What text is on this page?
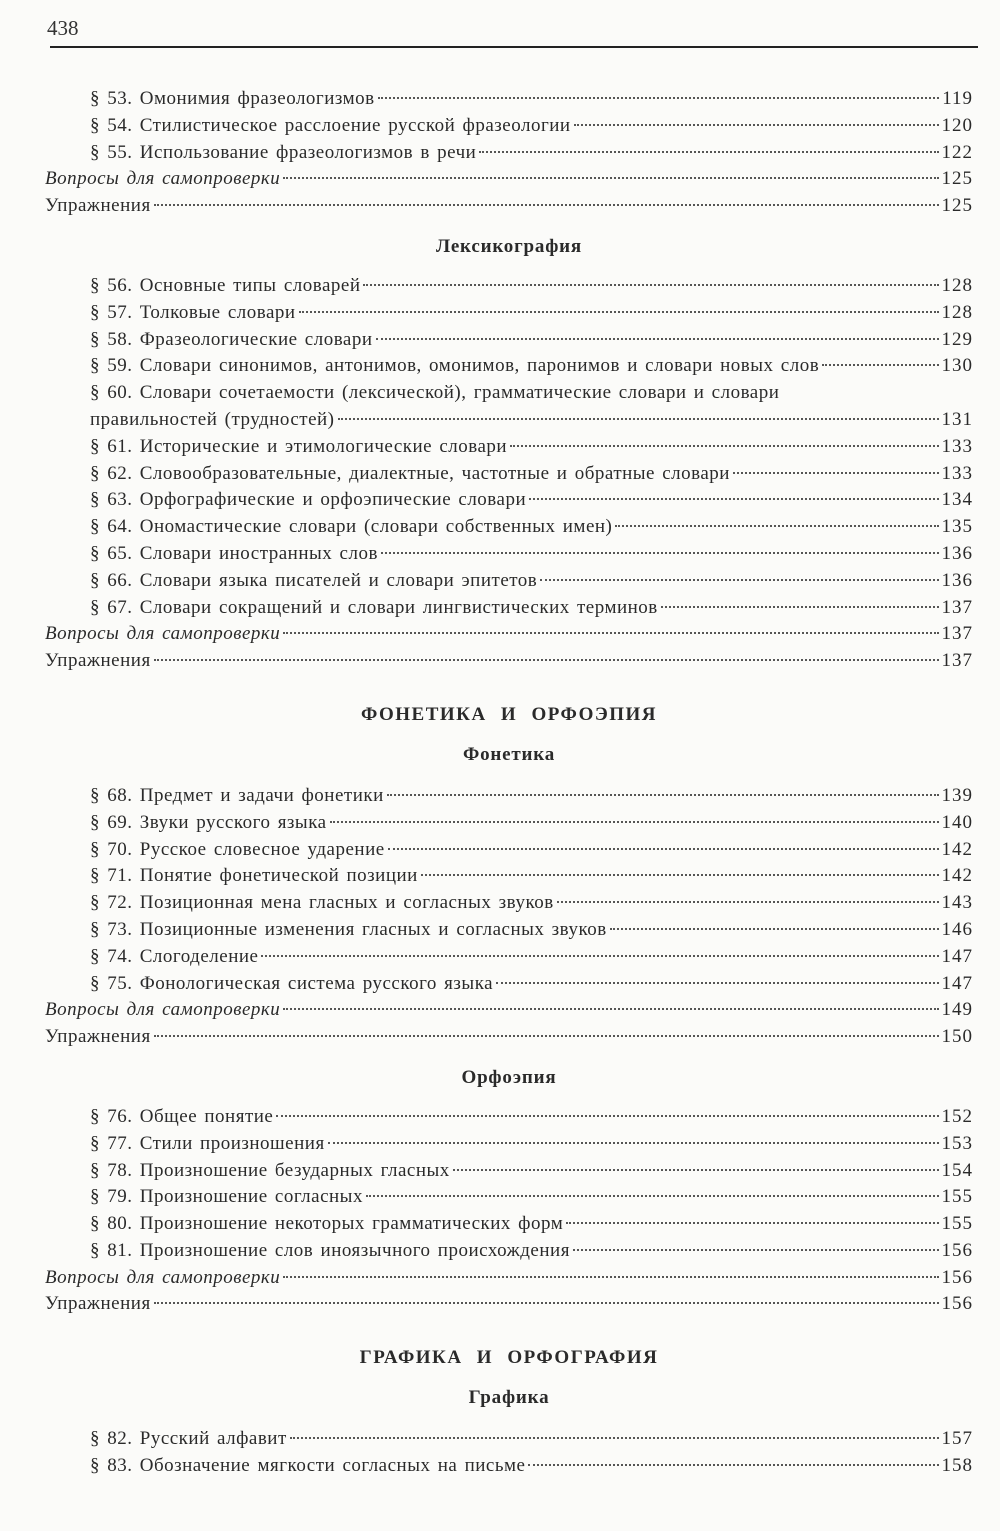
438
§ 53. Омонимия фразеологизмов	119
§ 54. Стилистическое расслоение русской фразеологии	120
§ 55. Использование фразеологизмов в речи	122
Вопросы для самопроверки	125
Упражнения	125
Лексикография
§ 56. Основные типы словарей	128
§ 57. Толковые словари	128
§ 58. Фразеологические словари	129
§ 59. Словари синонимов, антонимов, омонимов, паронимов и словари новых слов	130
§ 60. Словари сочетаемости (лексической), грамматические словари и словари
правильностей (трудностей)	131
§ 61. Исторические и этимологические словари	133
§ 62. Словообразовательные, диалектные, частотные и обратные словари	133
§ 63. Орфографические и орфоэпические словари	134
§ 64. Ономастические словари (словари собственных имен)	135
§ 65. Словари иностранных слов	136
§ 66. Словари языка писателей и словари эпитетов	136
§ 67. Словари сокращений и словари лингвистических терминов	137
Вопросы для самопроверки	137
Упражнения	137
ФОНЕТИКА И ОРФОЭПИЯ
Фонетика
§ 68. Предмет и задачи фонетики	139
§ 69. Звуки русского языка	140
§ 70. Русское словесное ударение	142
§ 71. Понятие фонетической позиции	142
§ 72. Позиционная мена гласных и согласных звуков	143
§ 73. Позиционные изменения гласных и согласных звуков	146
§ 74. Слогоделение	147
§ 75. Фонологическая система русского языка	147
Вопросы для самопроверки	149
Упражнения	150
Орфоэпия
§ 76. Общее понятие	152
§ 77. Стили произношения	153
§ 78. Произношение безударных гласных	154
§ 79. Произношение согласных	155
§ 80. Произношение некоторых грамматических форм	155
§ 81. Произношение слов иноязычного происхождения	156
Вопросы для самопроверки	156
Упражнения	156
ГРАФИКА И ОРФОГРАФИЯ
Графика
§ 82. Русский алфавит	157
§ 83. Обозначение мягкости согласных на письме	158
